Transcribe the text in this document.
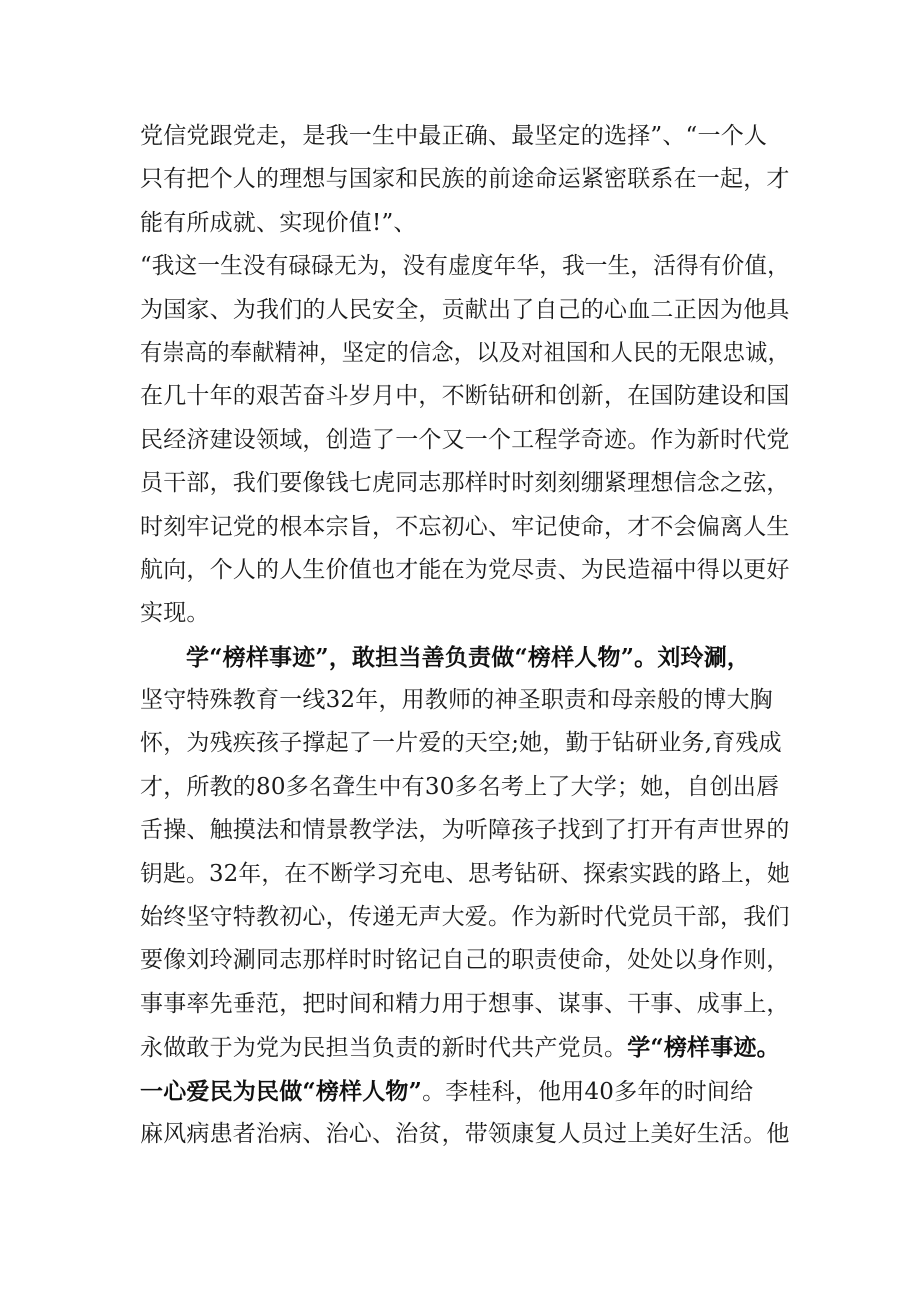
党信党跟党走，是我一生中最正确、最坚定的选择”、“一个人
只有把个人的理想与国家和民族的前途命运紧密联系在一起，才
能有所成就、实现价值!”、
“我这一生没有碌碌无为，没有虚度年华，我一生，活得有价值，
为国家、为我们的人民安全，贡献出了自己的心血二正因为他具
有崇高的奉献精神，坚定的信念，以及对祖国和人民的无限忠诚，
在几十年的艰苦奋斗岁月中，不断钻研和创新，在国防建设和国
民经济建设领域，创造了一个又一个工程学奇迹。作为新时代党
员干部，我们要像钱七虎同志那样时时刻刻绷紧理想信念之弦，
时刻牢记党的根本宗旨，不忘初心、牢记使命，才不会偏离人生
航向，个人的人生价值也才能在为党尽责、为民造福中得以更好
实现。
学“榜样事迹”，敢担当善负责做“榜样人物”。刘玲涮，
坚守特殊教育一线32年，用教师的神圣职责和母亲般的博大胸
怀，为残疾孩子撑起了一片爱的天空;她，勤于钻研业务,育残成
才，所教的80多名聋生中有30多名考上了大学；她，自创出唇
舌操、触摸法和情景教学法，为听障孩子找到了打开有声世界的
钥匙。32年，在不断学习充电、思考钻研、探索实践的路上，她
始终坚守特教初心，传递无声大爱。作为新时代党员干部，我们
要像刘玲涮同志那样时时铭记自己的职责使命，处处以身作则，
事事率先垂范，把时间和精力用于想事、谋事、干事、成事上，
永做敢于为党为民担当负责的新时代共产党员。学“榜样事迹。
一心爱民为民做“榜样人物”。李桂科，他用40多年的时间给
麻风病患者治病、治心、治贫，带领康复人员过上美好生活。他
